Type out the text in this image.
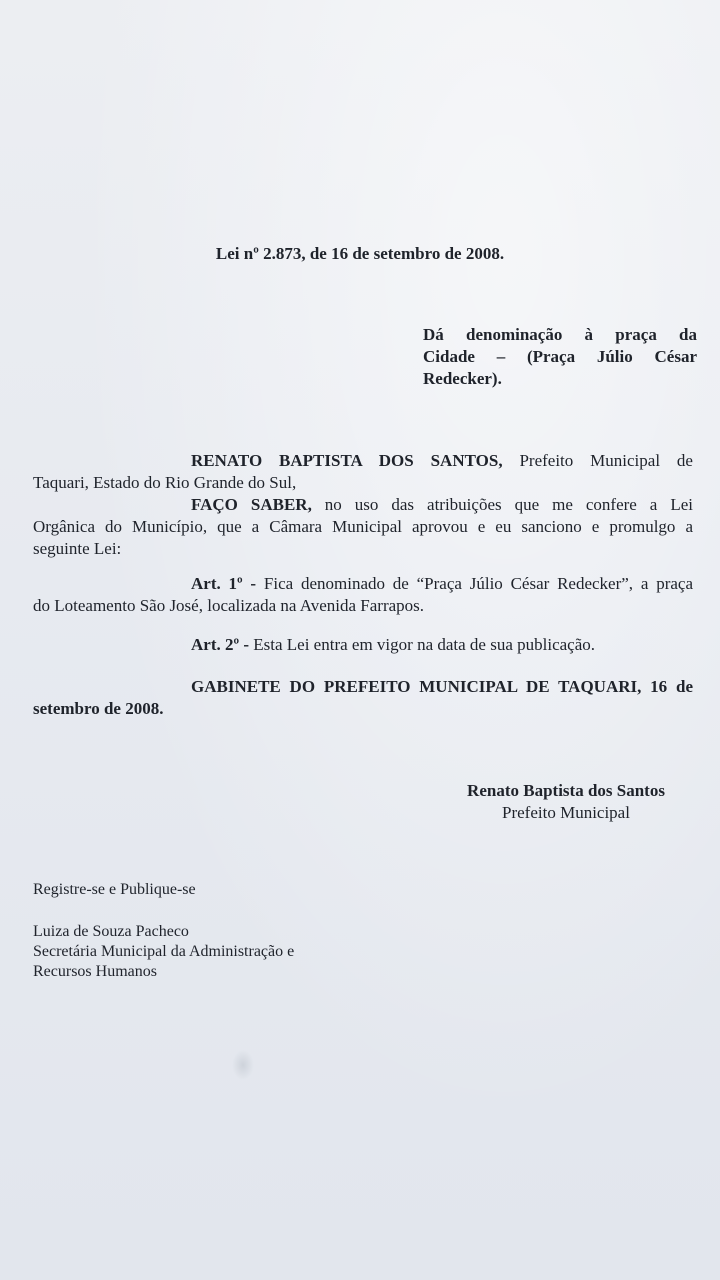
Lei nº 2.873, de 16 de setembro de 2008.
Dá denominação à praça da
Cidade – (Praça Júlio César
Redecker).
RENATO BAPTISTA DOS SANTOS, Prefeito Municipal de
Taquari, Estado do Rio Grande do Sul,
FAÇO SABER, no uso das atribuições que me confere a Lei
Orgânica do Município, que a Câmara Municipal aprovou e eu sanciono e promulgo a
seguinte Lei:
Art. 1º - Fica denominado de “Praça Júlio César Redecker”, a praça
do Loteamento São José, localizada na Avenida Farrapos.
Art. 2º - Esta Lei entra em vigor na data de sua publicação.
GABINETE DO PREFEITO MUNICIPAL DE TAQUARI, 16 de
setembro de 2008.
Renato Baptista dos Santos
Prefeito Municipal
Registre-se e Publique-se
Luiza de Souza Pacheco
Secretária Municipal da Administração e
Recursos Humanos
